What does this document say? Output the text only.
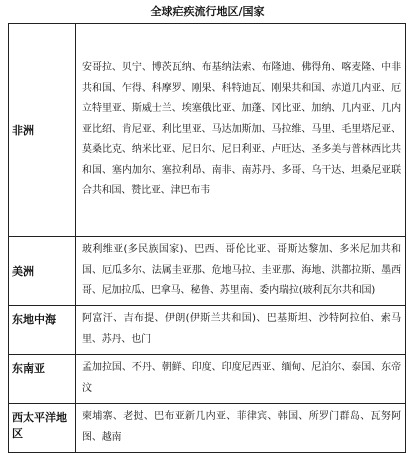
全球疟疾流行地区/国家
非洲	安哥拉、贝宁、博茨瓦纳、布基纳法索、布隆迪、佛得角、喀麦隆、中非共和国、乍得、科摩罗、刚果、科特迪瓦、刚果共和国、赤道几内亚、厄立特里亚、斯威士兰、埃塞俄比亚、加蓬、冈比亚、加纳、几内亚、几内亚比绍、肯尼亚、利比里亚、马达加斯加、马拉维、马里、毛里塔尼亚、莫桑比克、纳米比亚、尼日尔、尼日利亚、卢旺达、圣多美与普林西比共和国、塞内加尔、塞拉利昂、南非、南苏丹、多哥、乌干达、坦桑尼亚联合共和国、赞比亚、津巴布韦
美洲	玻利维亚(多民族国家)、巴西、哥伦比亚、哥斯达黎加、多米尼加共和国、厄瓜多尔、法属圭亚那、危地马拉、圭亚那、海地、洪都拉斯、墨西哥、尼加拉瓜、巴拿马、秘鲁、苏里南、委内瑞拉(玻利瓦尔共和国)

东地中海	阿富汗、吉布提、伊朗(伊斯兰共和国)、巴基斯坦、沙特阿拉伯、索马里、苏丹、也门

东南亚	孟加拉国、不丹、朝鲜、印度、印度尼西亚、缅甸、尼泊尔、泰国、东帝汶

西太平洋地区	柬埔寨、老挝、巴布亚新几内亚、菲律宾、韩国、所罗门群岛、瓦努阿图、越南
